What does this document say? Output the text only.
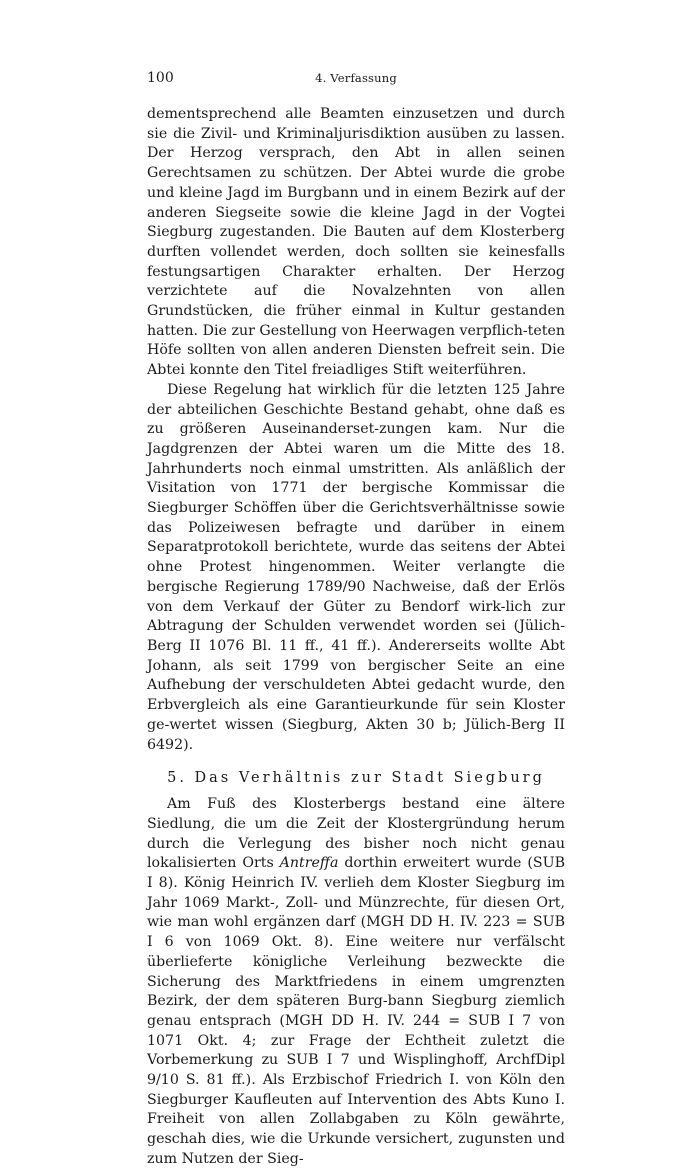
100	4. Verfassung

dementsprechend alle Beamten einzusetzen und durch sie die Zivil- und Kriminaljurisdiktion ausüben zu lassen. Der Herzog versprach, den Abt in allen seinen Gerechtsamen zu schützen. Der Abtei wurde die grobe und kleine Jagd im Burgbann und in einem Bezirk auf der anderen Siegseite sowie die kleine Jagd in der Vogtei Siegburg zugestanden. Die Bauten auf dem Klosterberg durften vollendet werden, doch sollten sie keinesfalls festungsartigen Charakter erhalten. Der Herzog verzichtete auf die Novalzehnten von allen Grundstücken, die früher einmal in Kultur gestanden hatten. Die zur Gestellung von Heerwagen verpflich-teten Höfe sollten von allen anderen Diensten befreit sein. Die Abtei konnte den Titel freiadliges Stift weiterführen.

Diese Regelung hat wirklich für die letzten 125 Jahre der abteilichen Geschichte Bestand gehabt, ohne daß es zu größeren Auseinanderset-zungen kam. Nur die Jagdgrenzen der Abtei waren um die Mitte des 18. Jahrhunderts noch einmal umstritten. Als anläßlich der Visitation von 1771 der bergische Kommissar die Siegburger Schöffen über die Gerichtsverhältnisse sowie das Polizeiwesen befragte und darüber in einem Separatprotokoll berichtete, wurde das seitens der Abtei ohne Protest hingenommen. Weiter verlangte die bergische Regierung 1789/90 Nachweise, daß der Erlös von dem Verkauf der Güter zu Bendorf wirk-lich zur Abtragung der Schulden verwendet worden sei (Jülich-Berg II 1076 Bl. 11 ff., 41 ff.). Andererseits wollte Abt Johann, als seit 1799 von bergischer Seite an eine Aufhebung der verschuldeten Abtei gedacht wurde, den Erbvergleich als eine Garantieurkunde für sein Kloster ge-wertet wissen (Siegburg, Akten 30 b; Jülich-Berg II 6492).

5. Das Verhältnis zur Stadt Siegburg

Am Fuß des Klosterbergs bestand eine ältere Siedlung, die um die Zeit der Klostergründung herum durch die Verlegung des bisher noch nicht genau lokalisierten Orts Antreffa dorthin erweitert wurde (SUB I 8). König Heinrich IV. verlieh dem Kloster Siegburg im Jahr 1069 Markt-, Zoll- und Münzrechte, für diesen Ort, wie man wohl ergänzen darf (MGH DD H. IV. 223 = SUB I 6 von 1069 Okt. 8). Eine weitere nur verfälscht überlieferte königliche Verleihung bezweckte die Sicherung des Marktfriedens in einem umgrenzten Bezirk, der dem späteren Burg-bann Siegburg ziemlich genau entsprach (MGH DD H. IV. 244 = SUB I 7 von 1071 Okt. 4; zur Frage der Echtheit zuletzt die Vorbemerkung zu SUB I 7 und Wisplinghoff, ArchfDipl 9/10 S. 81 ff.). Als Erzbischof Friedrich I. von Köln den Siegburger Kaufleuten auf Intervention des Abts Kuno I. Freiheit von allen Zollabgaben zu Köln gewährte, geschah dies, wie die Urkunde versichert, zugunsten und zum Nutzen der Sieg-
